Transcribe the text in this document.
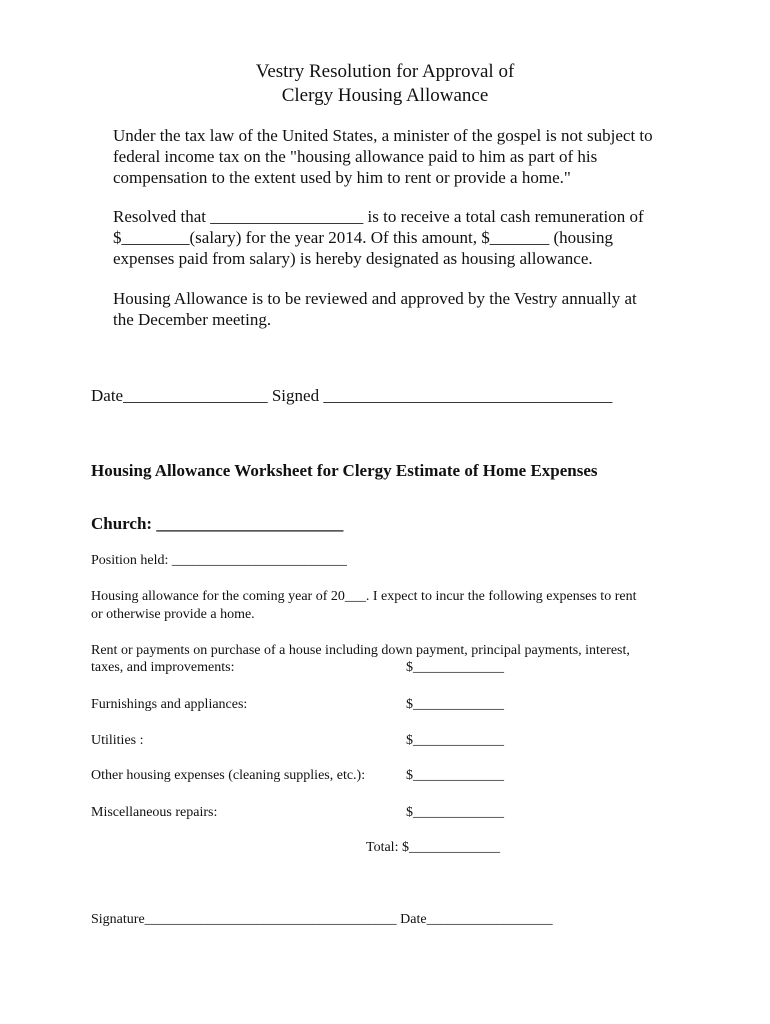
Vestry Resolution for Approval of
Clergy Housing Allowance

Under the tax law of the United States, a minister of the gospel is not subject to

federal income tax on the "housing allowance paid to him as part of his

compensation to the extent used by him to rent or provide a home."

Resolved that __________________ is to receive a total cash remuneration of

$________(salary) for the year 2014. Of this amount, $_______ (housing

expenses paid from salary) is hereby designated as housing allowance.

Housing Allowance is to be reviewed and approved by the Vestry annually at

the December meeting.

Date_________________ Signed __________________________________

Housing Allowance Worksheet for Clergy Estimate of Home Expenses

Church: ______________________

Position held: _________________________

Housing allowance for the coming year of 20___. I expect to incur the following expenses to rent

or otherwise provide a home.

Rent or payments on purchase of a house including down payment, principal payments, interest,

taxes, and improvements:	$_____________

Furnishings and appliances:	$_____________

Utilities :	$_____________

Other housing expenses (cleaning supplies, etc.):	$_____________

Miscellaneous repairs:	$_____________

Total: $_____________

Signature____________________________________ Date__________________
